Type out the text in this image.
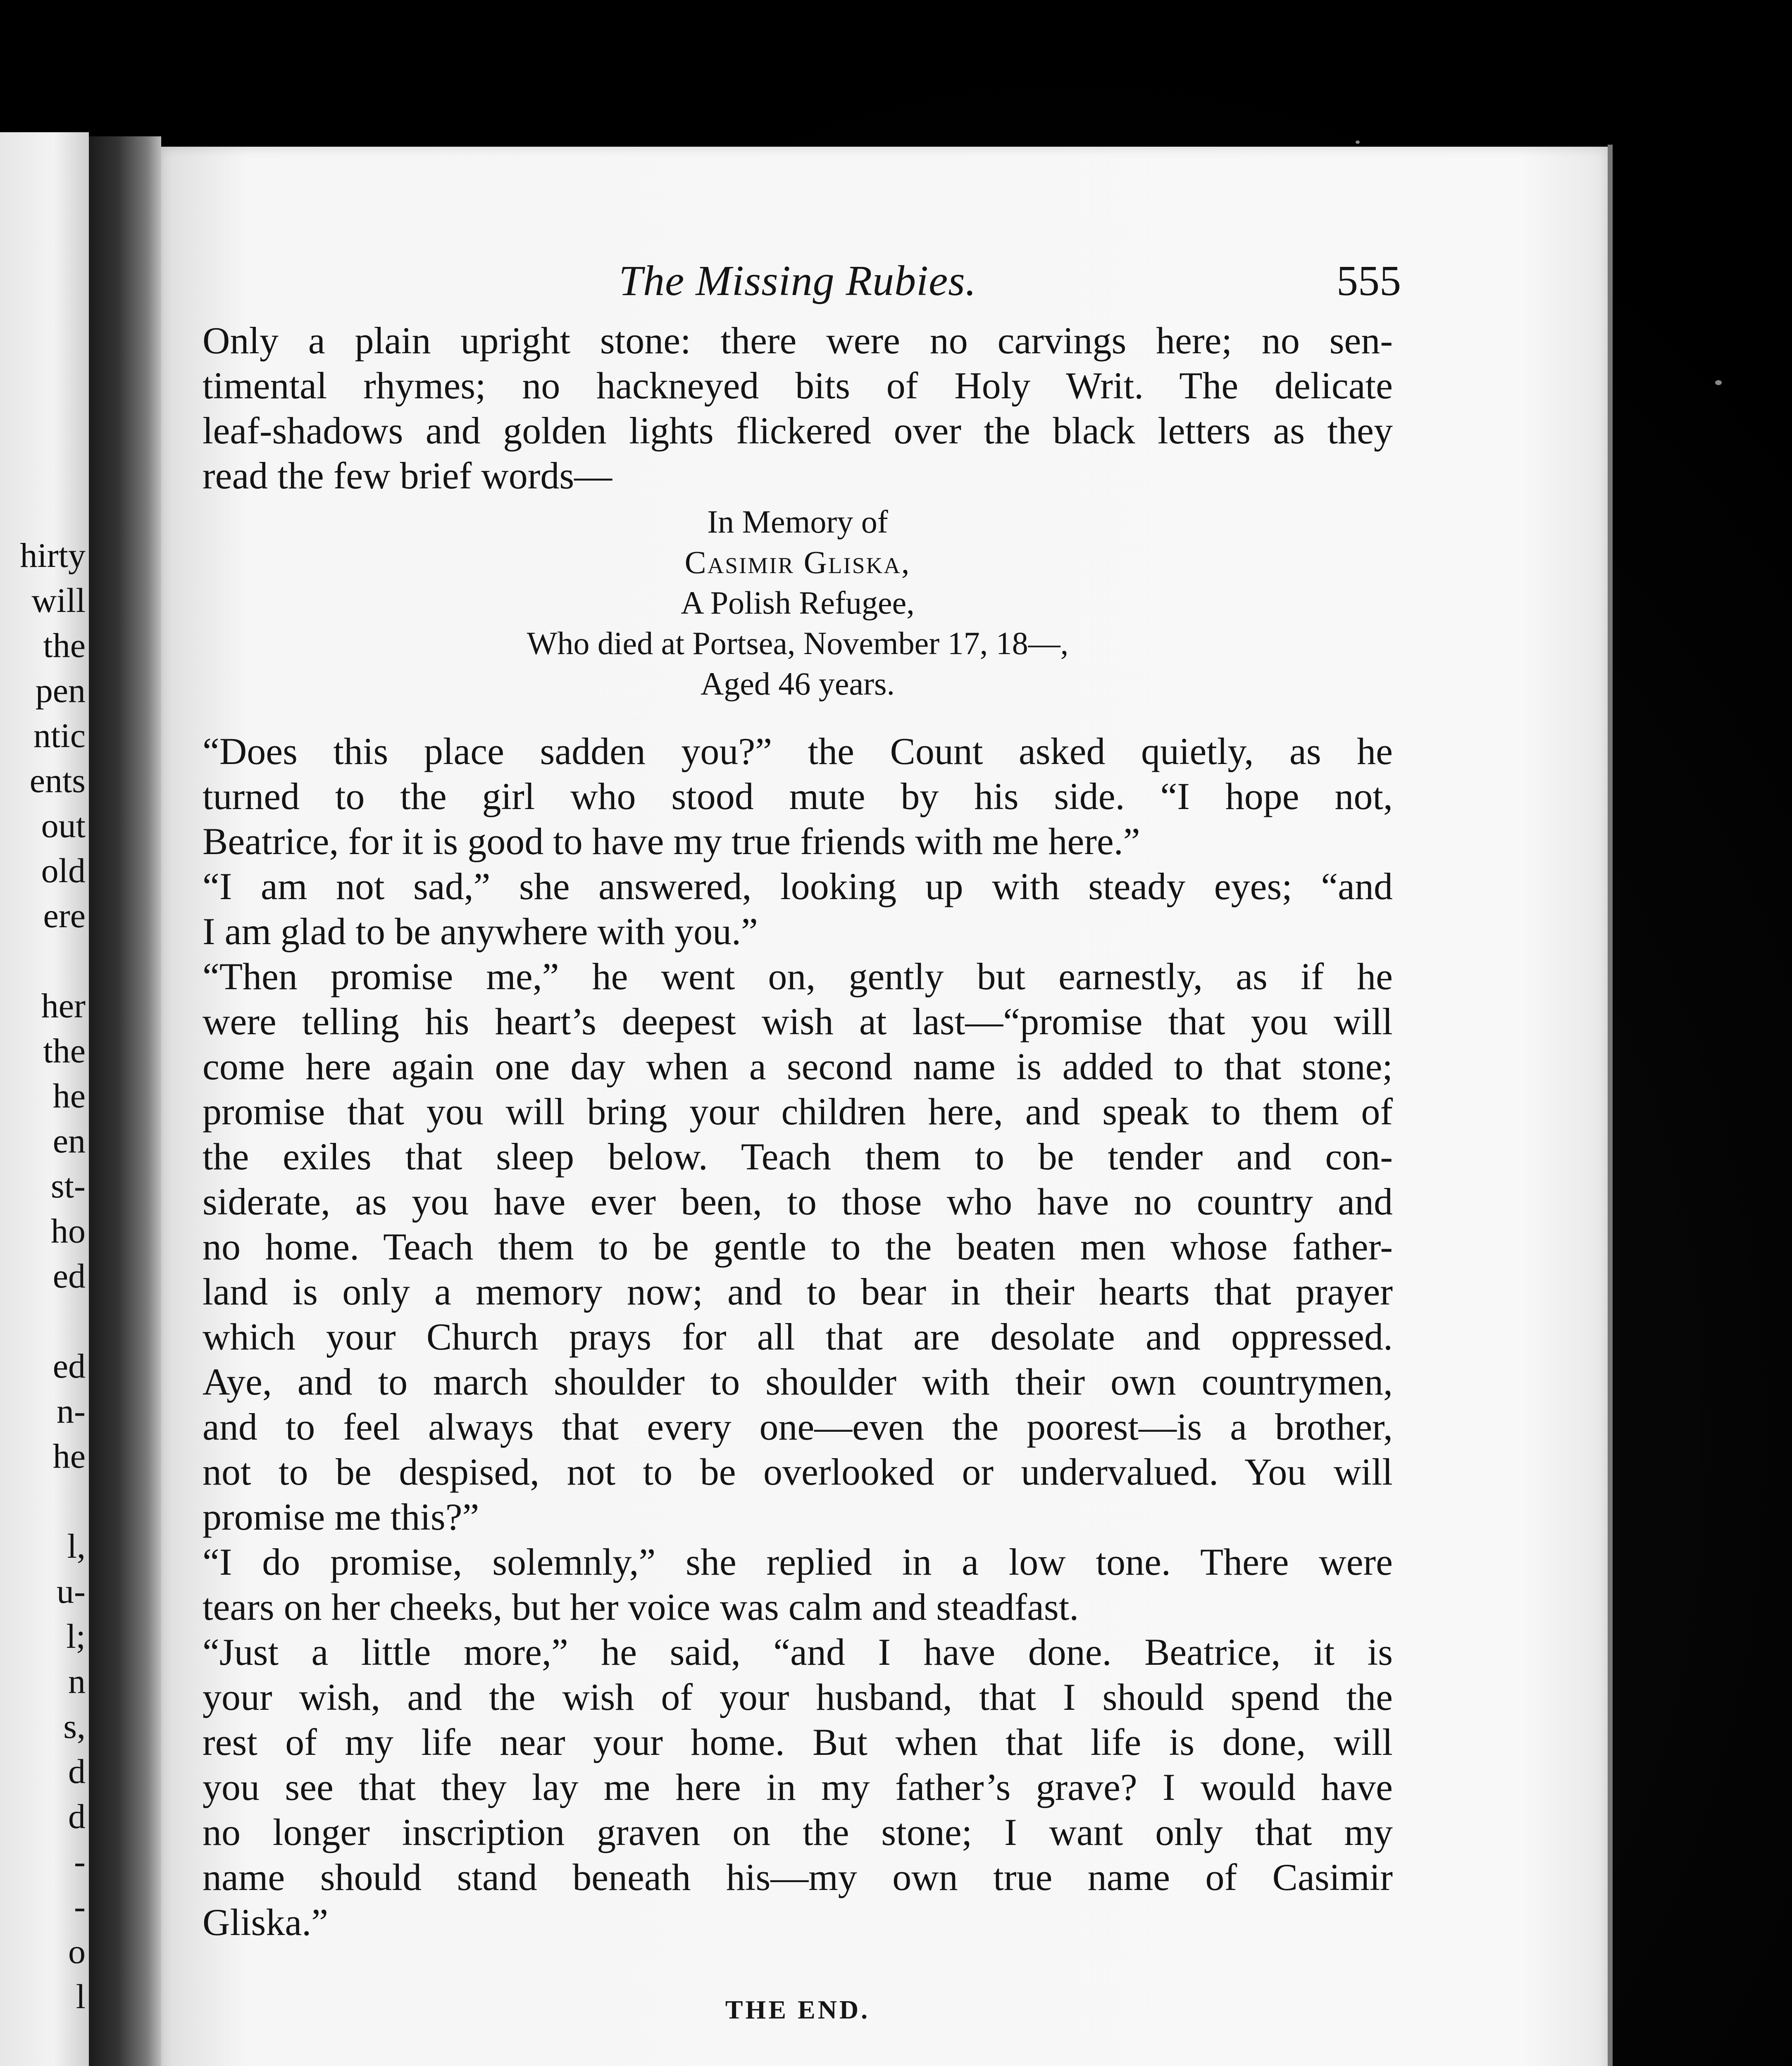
hirty
will
the
pen
ntic
ents
out
old
ere
her
the
he
en
st-
ho
ed
ed
n-
he
l,
u-
l;
n
s,
d
d
-
-
o
l
The Missing Rubies.	555
Only a plain upright stone: there were no carvings here; no sen-
timental rhymes; no hackneyed bits of Holy Writ. The delicate
leaf-shadows and golden lights flickered over the black letters as they
read the few brief words—
In Memory of
Casimir Gliska,
A Polish Refugee,
Who died at Portsea, November 17, 18—,
Aged 46 years.
“Does this place sadden you?” the Count asked quietly, as he
turned to the girl who stood mute by his side. “I hope not,
Beatrice, for it is good to have my true friends with me here.”
“I am not sad,” she answered, looking up with steady eyes; “and
I am glad to be anywhere with you.”
“Then promise me,” he went on, gently but earnestly, as if he
were telling his heart’s deepest wish at last—“promise that you will
come here again one day when a second name is added to that stone;
promise that you will bring your children here, and speak to them of
the exiles that sleep below. Teach them to be tender and con-
siderate, as you have ever been, to those who have no country and
no home. Teach them to be gentle to the beaten men whose father-
land is only a memory now; and to bear in their hearts that prayer
which your Church prays for all that are desolate and oppressed.
Aye, and to march shoulder to shoulder with their own countrymen,
and to feel always that every one—even the poorest—is a brother,
not to be despised, not to be overlooked or undervalued. You will
promise me this?”
“I do promise, solemnly,” she replied in a low tone. There were
tears on her cheeks, but her voice was calm and steadfast.
“Just a little more,” he said, “and I have done. Beatrice, it is
your wish, and the wish of your husband, that I should spend the
rest of my life near your home. But when that life is done, will
you see that they lay me here in my father’s grave? I would have
no longer inscription graven on the stone; I want only that my
name should stand beneath his—my own true name of Casimir
Gliska.”
THE END.
